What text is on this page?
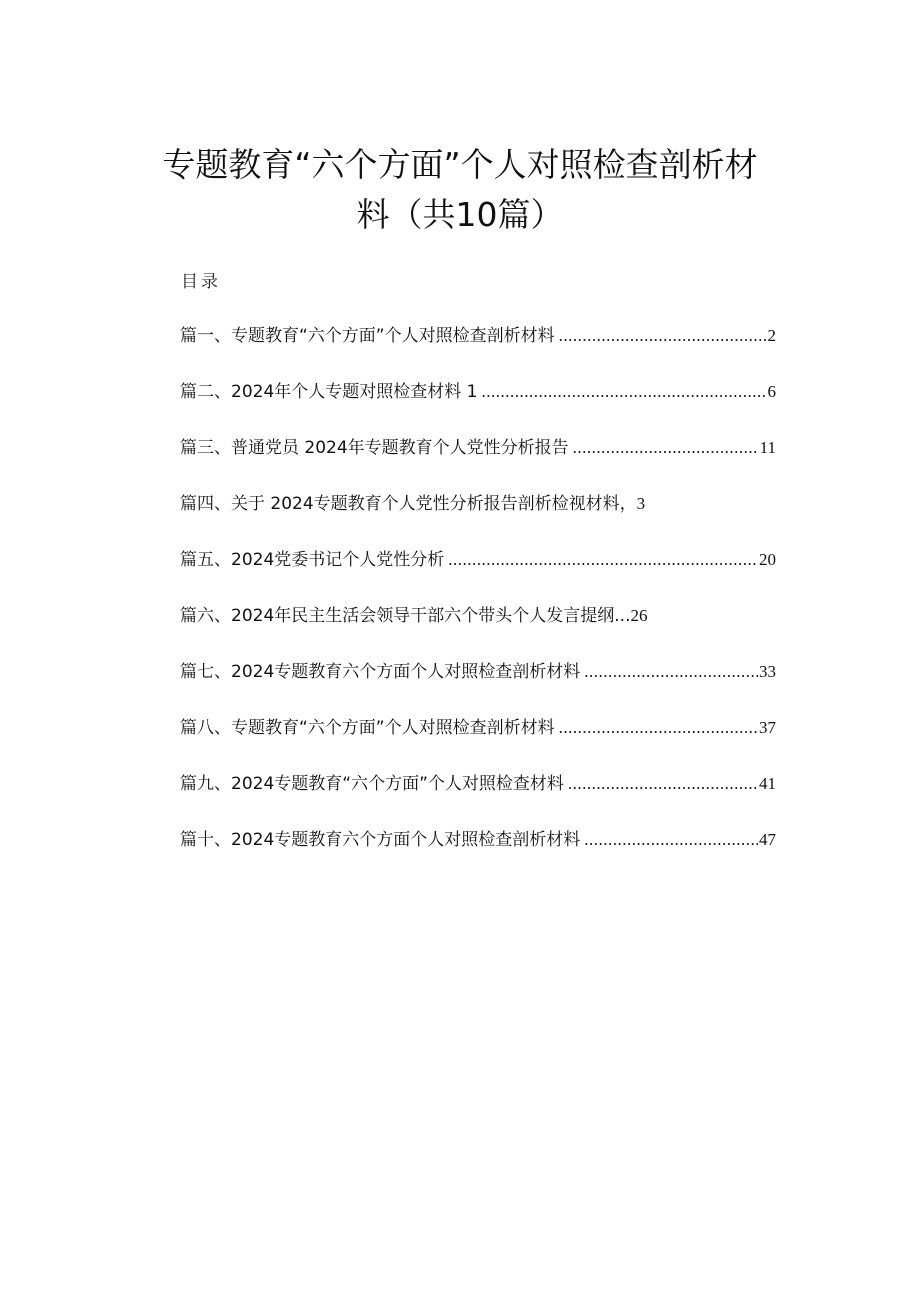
专题教育“六个方面”个人对照检查剖析材
料（共10篇）
目录
篇一、专题教育“六个方面”个人对照检查剖析材料 .....	2
篇二、2024年个人专题对照检查材料 1 .....	6
篇三、普通党员 2024年专题教育个人党性分析报告 .....	11
篇四、关于 2024专题教育个人党性分析报告剖析检视材料， 3
篇五、2024党委书记个人党性分析 .....	20
篇六、2024年民主生活会领导干部六个带头个人发言提纲... 26
篇七、2024专题教育六个方面个人对照检查剖析材料 .....	33
篇八、专题教育“六个方面”个人对照检查剖析材料 .....	37
篇九、2024专题教育“六个方面”个人对照检查材料 .....	41
篇十、2024专题教育六个方面个人对照检查剖析材料 .....	47
